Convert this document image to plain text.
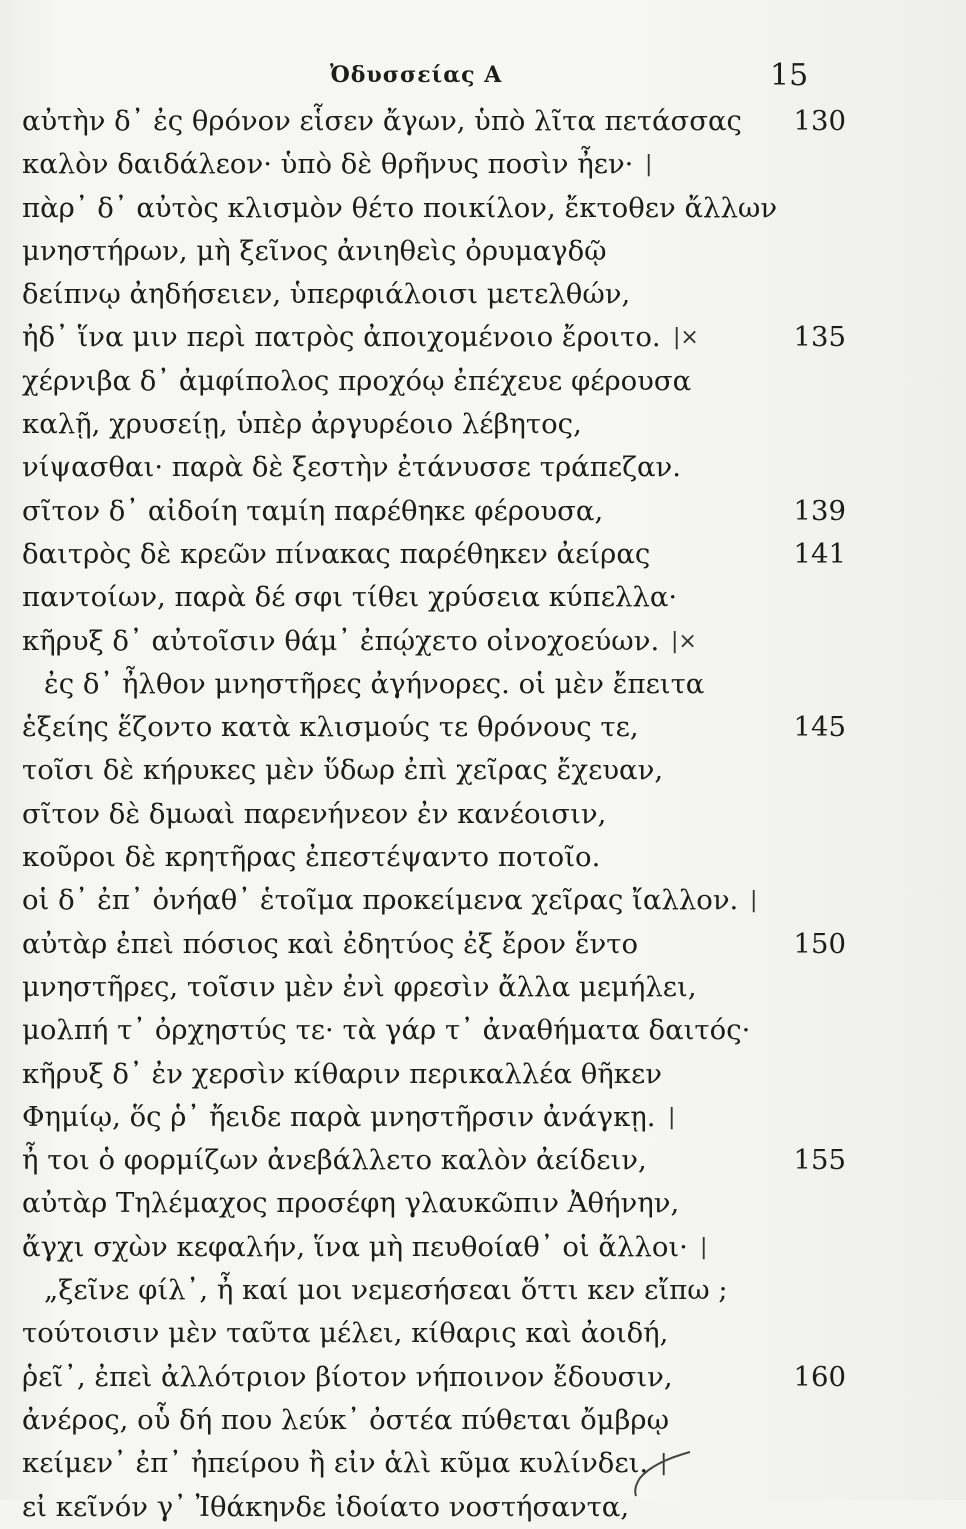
Ὀδυσσείας Α	15
αὐτὴν δ᾽ ἐς θρόνον εἷσεν ἄγων, ὑπὸ λῖτα πετάσσας	130
καλὸν δαιδάλεον· ὑπὸ δὲ θρῆνυς ποσὶν ἦεν· |
πὰρ᾽ δ᾽ αὐτὸς κλισμὸν θέτο ποικίλον, ἔκτοθεν ἄλλων
μνηστήρων, μὴ ξεῖνος ἀνιηθεὶς ὀρυμαγδῷ
δείπνῳ ἀηδήσειεν, ὑπερφιάλοισι μετελθών,
ἠδ᾽ ἵνα μιν περὶ πατρὸς ἀποιχομένοιο ἔροιτο. |×	135
χέρνιβα δ᾽ ἀμφίπολος προχόῳ ἐπέχευε φέρουσα
καλῇ, χρυσείῃ, ὑπὲρ ἀργυρέοιο λέβητος,
νίψασθαι· παρὰ δὲ ξεστὴν ἐτάνυσσε τράπεζαν.
σῖτον δ᾽ αἰδοίη ταμίη παρέθηκε φέρουσα,	139
δαιτρὸς δὲ κρεῶν πίνακας παρέθηκεν ἀείρας	141
παντοίων, παρὰ δέ σφι τίθει χρύσεια κύπελλα·
κῆρυξ δ᾽ αὐτοῖσιν θάμ᾽ ἐπῴχετο οἰνοχοεύων. |×
ἐς δ᾽ ἦλθον μνηστῆρες ἀγήνορες. οἱ μὲν ἔπειτα
ἑξείης ἕζοντο κατὰ κλισμούς τε θρόνους τε,	145
τοῖσι δὲ κήρυκες μὲν ὕδωρ ἐπὶ χεῖρας ἔχευαν,
σῖτον δὲ δμωαὶ παρενήνεον ἐν κανέοισιν,
κοῦροι δὲ κρητῆρας ἐπεστέψαντο ποτοῖο.
οἱ δ᾽ ἐπ᾽ ὀνήαθ᾽ ἑτοῖμα προκείμενα χεῖρας ἴαλλον. |
αὐτὰρ ἐπεὶ πόσιος καὶ ἐδητύος ἐξ ἔρον ἕντο	150
μνηστῆρες, τοῖσιν μὲν ἐνὶ φρεσὶν ἄλλα μεμήλει,
μολπή τ᾽ ὀρχηστύς τε· τὰ γάρ τ᾽ ἀναθήματα δαιτός·
κῆρυξ δ᾽ ἐν χερσὶν κίθαριν περικαλλέα θῆκεν
Φημίῳ, ὅς ῥ᾽ ἤειδε παρὰ μνηστῆρσιν ἀνάγκῃ. |
ἦ τοι ὁ φορμίζων ἀνεβάλλετο καλὸν ἀείδειν,	155
αὐτὰρ Τηλέμαχος προσέφη γλαυκῶπιν Ἀθήνην,
ἄγχι σχὼν κεφαλήν, ἵνα μὴ πευθοίαθ᾽ οἱ ἄλλοι· |
„ξεῖνε φίλ᾽, ἦ καί μοι νεμεσήσεαι ὅττι κεν εἴπω ;
τούτοισιν μὲν ταῦτα μέλει, κίθαρις καὶ ἀοιδή,
ῥεῖ᾽, ἐπεὶ ἀλλότριον βίοτον νήποινον ἔδουσιν,	160
ἀνέρος, οὗ δή που λεύκ᾽ ὀστέα πύθεται ὄμβρῳ
κείμεν᾽ ἐπ᾽ ἠπείρου ἢ εἰν ἁλὶ κῦμα κυλίνδει. |
εἰ κεῖνόν γ᾽ Ἰθάκηνδε ἰδοίατο νοστήσαντα,
